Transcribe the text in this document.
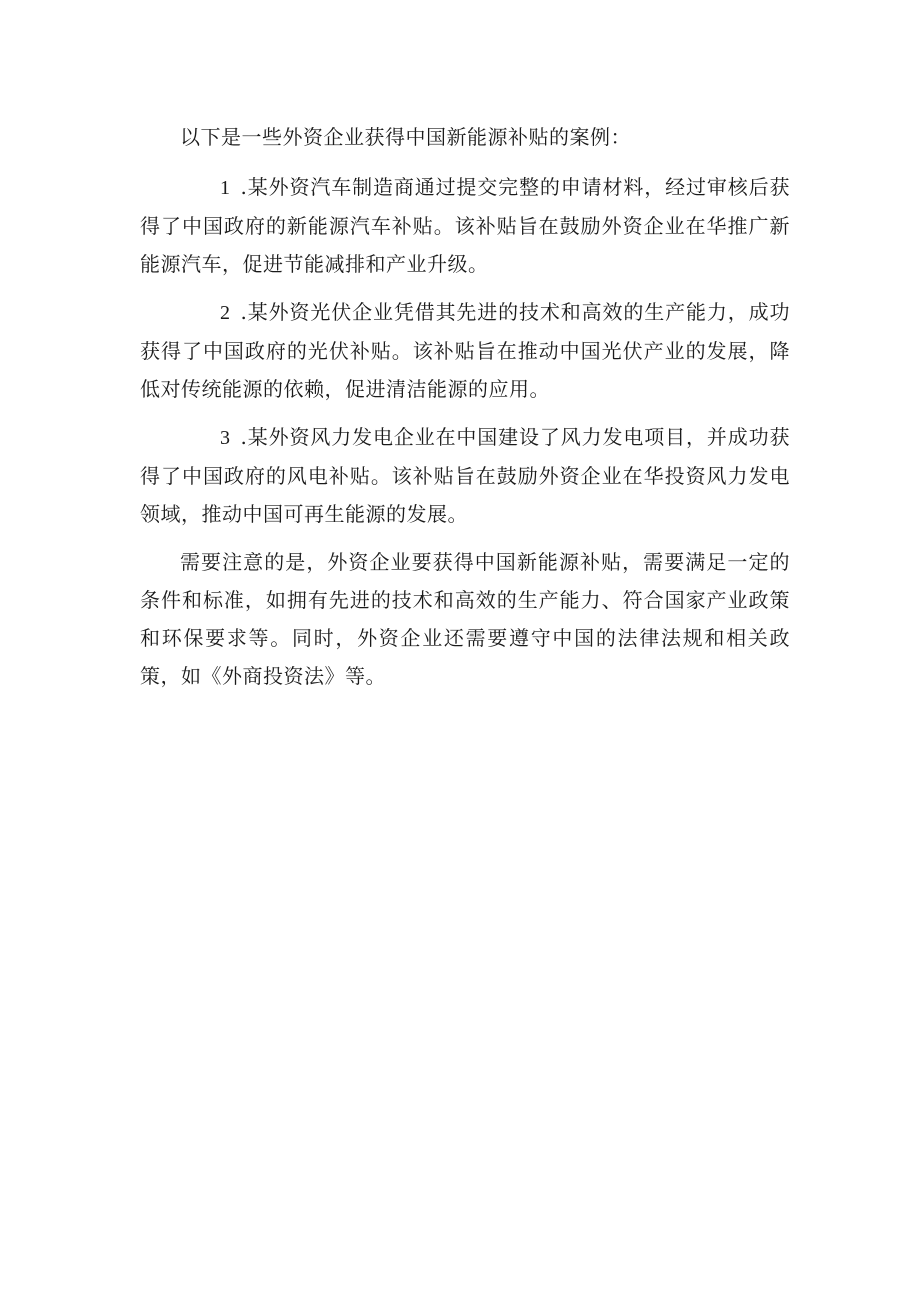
以下是一些外资企业获得中国新能源补贴的案例：

1 .某外资汽车制造商通过提交完整的申请材料，经过审核后获得了中国政府的新能源汽车补贴。该补贴旨在鼓励外资企业在华推广新能源汽车，促进节能减排和产业升级。

2 .某外资光伏企业凭借其先进的技术和高效的生产能力，成功获得了中国政府的光伏补贴。该补贴旨在推动中国光伏产业的发展，降低对传统能源的依赖，促进清洁能源的应用。

3 .某外资风力发电企业在中国建设了风力发电项目，并成功获得了中国政府的风电补贴。该补贴旨在鼓励外资企业在华投资风力发电领域，推动中国可再生能源的发展。

需要注意的是，外资企业要获得中国新能源补贴，需要满足一定的条件和标准，如拥有先进的技术和高效的生产能力、符合国家产业政策和环保要求等。同时，外资企业还需要遵守中国的法律法规和相关政策，如《外商投资法》等。
